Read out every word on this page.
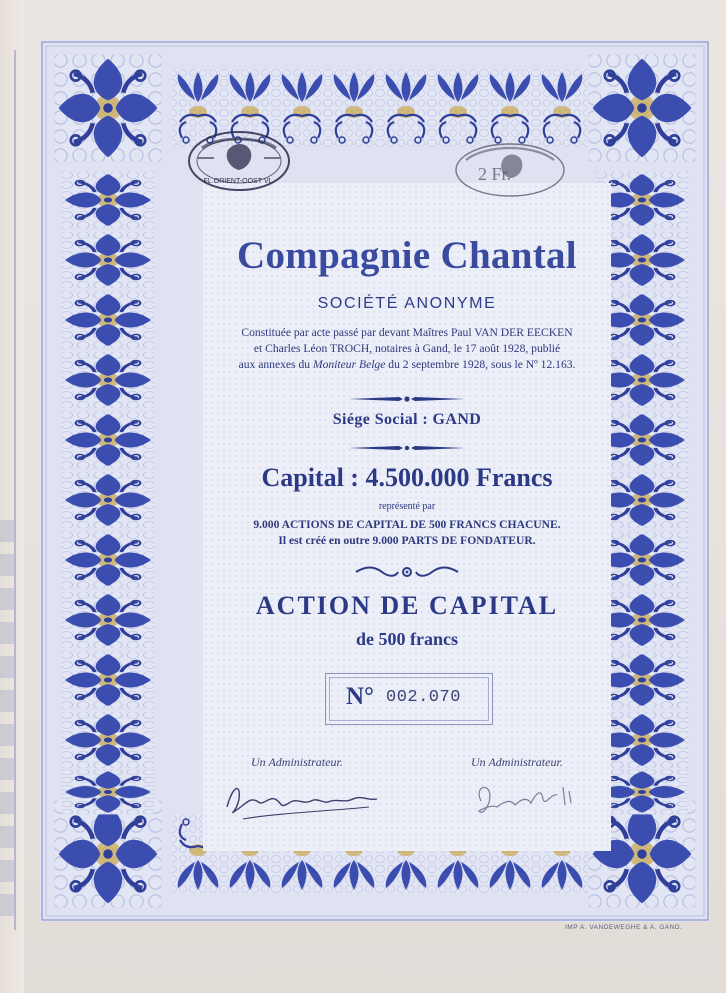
Compagnie Chantal
SOCIÉTÉ ANONYME
Constituée par acte passé par devant Maîtres Paul VAN DER EECKEN
et Charles Léon TROCH, notaires à Gand, le 17 août 1928, publié
aux annexes du Moniteur Belge du 2 septembre 1928, sous le Nº 12.163.
Siége Social : GAND
Capital : 4.500.000 Francs
représenté par
9.000 ACTIONS DE CAPITAL DE 500 FRANCS CHACUNE.
Il est créé en outre 9.000 PARTS DE FONDATEUR.
ACTION DE CAPITAL
de 500 francs
N° 002.070
Un Administrateur.	Un Administrateur.
FL.ORIENT-OOST VL.	2 Fr.
IMP A. VANDEWEGHE & A. GAND.
